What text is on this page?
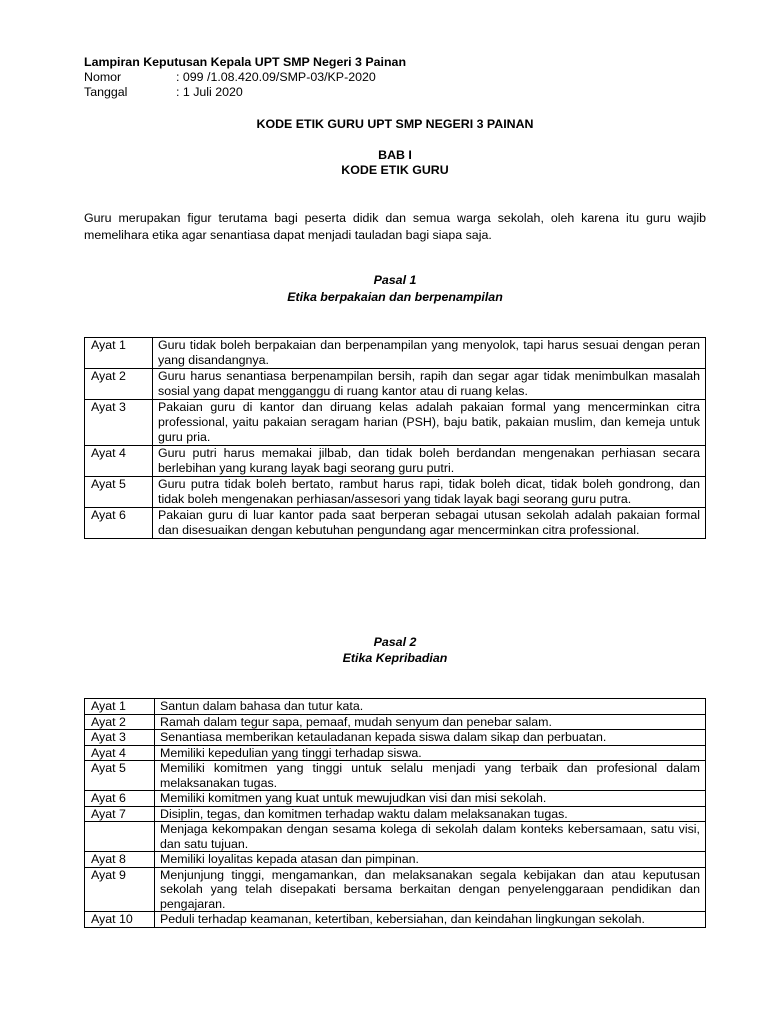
Lampiran Keputusan Kepala UPT SMP Negeri 3 Painan
Nomor	: 099 /1.08.420.09/SMP-03/KP-2020
Tanggal	: 1 Juli 2020
KODE ETIK GURU UPT SMP NEGERI 3 PAINAN
BAB I
KODE ETIK GURU
Guru merupakan figur terutama bagi peserta didik dan semua warga sekolah, oleh karena itu guru wajib memelihara etika agar senantiasa dapat menjadi tauladan bagi siapa saja.
Pasal 1
Etika berpakaian dan berpenampilan
Ayat 1	Guru tidak boleh berpakaian dan berpenampilan yang menyolok, tapi harus sesuai dengan peran yang disandangnya.
Ayat 2	Guru harus senantiasa berpenampilan bersih, rapih dan segar agar tidak menimbulkan masalah sosial yang dapat mengganggu di ruang kantor atau di ruang kelas.
Ayat 3	Pakaian guru di kantor dan diruang kelas adalah pakaian formal yang mencerminkan citra professional, yaitu pakaian seragam harian (PSH), baju batik, pakaian muslim, dan kemeja untuk guru pria.
Ayat 4	Guru putri harus memakai jilbab, dan tidak boleh berdandan mengenakan perhiasan secara berlebihan yang kurang layak bagi seorang guru putri.
Ayat 5	Guru putra tidak boleh bertato, rambut harus rapi, tidak boleh dicat, tidak boleh gondrong, dan tidak boleh mengenakan perhiasan/assesori yang tidak layak bagi seorang guru putra.
Ayat 6	Pakaian guru di luar kantor pada saat berperan sebagai utusan sekolah adalah pakaian formal dan disesuaikan dengan kebutuhan pengundang agar mencerminkan citra professional.
Pasal 2
Etika Kepribadian
Ayat 1	Santun dalam bahasa dan tutur kata.
Ayat 2	Ramah dalam tegur sapa, pemaaf, mudah senyum dan penebar salam.
Ayat 3	Senantiasa memberikan ketauladanan kepada siswa dalam sikap dan perbuatan.
Ayat 4	Memiliki kepedulian yang tinggi terhadap siswa.
Ayat 5	Memiliki komitmen yang tinggi untuk selalu menjadi yang terbaik dan profesional dalam melaksanakan tugas.
Ayat 6	Memiliki komitmen yang kuat untuk mewujudkan visi dan misi sekolah.
Ayat 7	Disiplin, tegas, dan komitmen terhadap waktu dalam melaksanakan tugas.
	Menjaga kekompakan dengan sesama kolega di sekolah dalam konteks kebersamaan, satu visi, dan satu tujuan.
Ayat 8	Memiliki loyalitas kepada atasan dan pimpinan.
Ayat 9	Menjunjung tinggi, mengamankan, dan melaksanakan segala kebijakan dan atau keputusan sekolah yang telah disepakati bersama berkaitan dengan penyelenggaraan pendidikan dan pengajaran.
Ayat 10	Peduli terhadap keamanan, ketertiban, kebersiahan, dan keindahan lingkungan sekolah.
